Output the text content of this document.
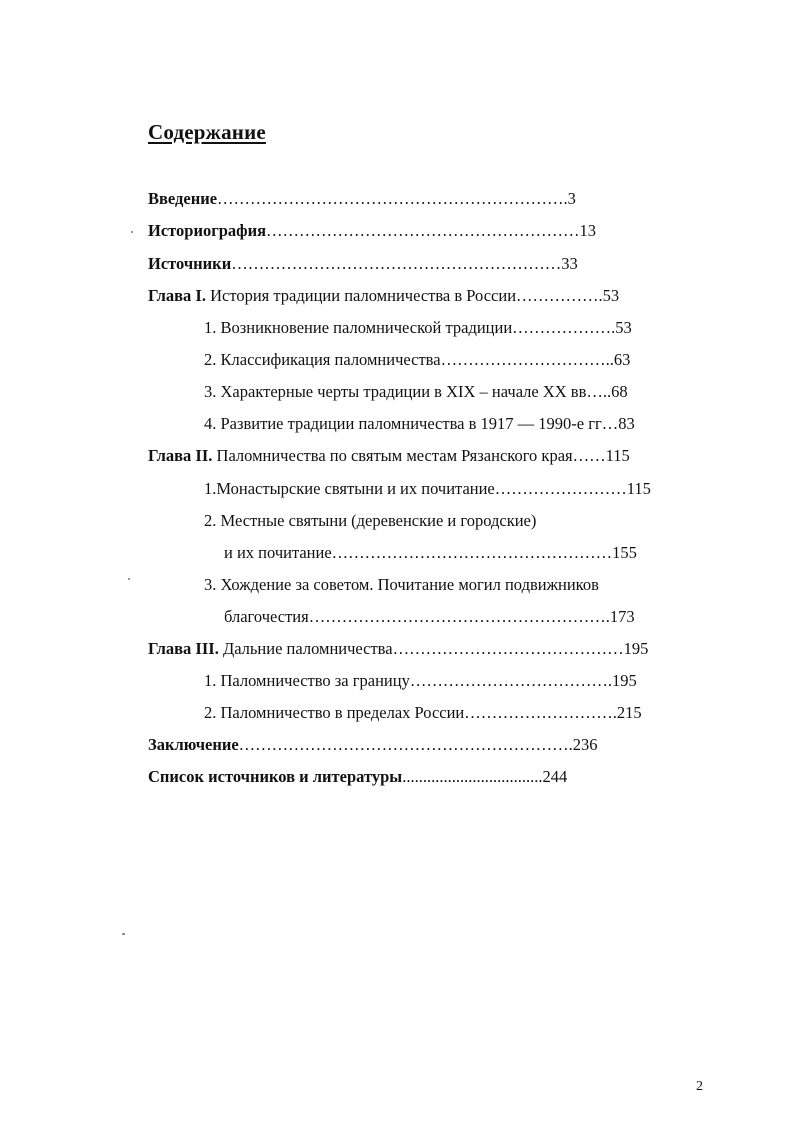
Содержание
Введение……………………………………………………….3
Историография…………………………………………………13
Источники……………………………………………………33
Глава I. История традиции паломничества в России…………….53
1. Возникновение паломнической традиции……………….53
2. Классификация паломничества…………………………..63
3. Характерные черты традиции в XIX – начале XX вв…..68
4. Развитие традиции паломничества в 1917 — 1990-е гг…83
Глава II. Паломничества по святым местам Рязанского края……115
1.Монастырские святыни и их почитание……………………115
2. Местные святыни (деревенские и городские)
и их почитание……………………………………………155
3. Хождение за советом. Почитание могил подвижников
благочестия……………………………………………….173
Глава III. Дальние паломничества……………………………………195
1. Паломничество за границу……………………………….195
2. Паломничество в пределах России……………………….215
Заключение…………………………………………………….236
Список источников и литературы..................................244
2
